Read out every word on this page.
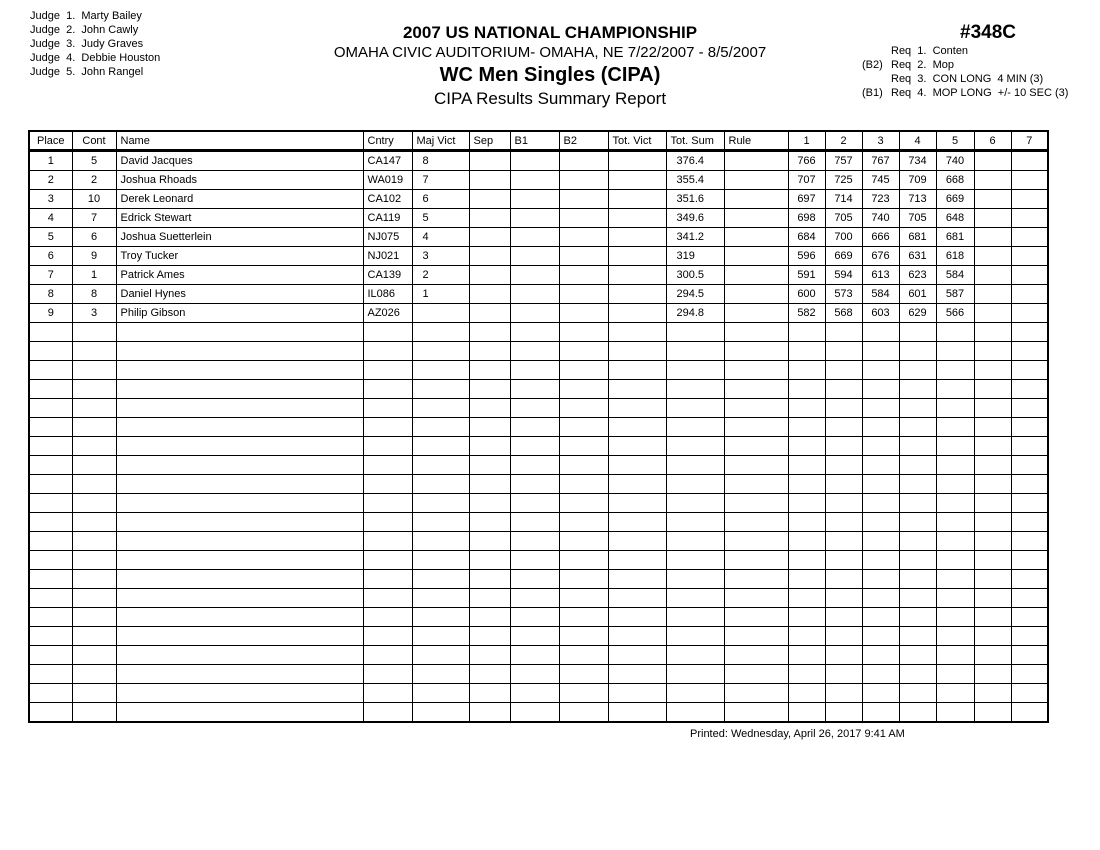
Judge  1. Marty Bailey
Judge  2. John Cawly
Judge  3. Judy Graves
Judge  4. Debbie Houston
Judge  5. John Rangel
2007 US NATIONAL CHAMPIONSHIP
OMAHA CIVIC AUDITORIUM- OMAHA, NE 7/22/2007 - 8/5/2007
WC Men Singles (CIPA)
CIPA Results Summary Report
#348C
Req  1.  Conten
(B2) Req  2.  Mop
Req  3.  CON LONG  4 MIN (3)
(B1) Req  4.  MOP LONG  +/- 10 SEC (3)
Place	Cont	Name	Cntry	Maj Vict	Sep	B1	B2	Tot. Vict	Tot. Sum	Rule	1	2	3	4	5	6	7
1	5	David Jacques	CA147	8					376.4		766	757	767	734	740		
2	2	Joshua Rhoads	WA019	7					355.4		707	725	745	709	668		
3	10	Derek Leonard	CA102	6					351.6		697	714	723	713	669		
4	7	Edrick Stewart	CA119	5					349.6		698	705	740	705	648		
5	6	Joshua Suetterlein	NJ075	4					341.2		684	700	666	681	681		
6	9	Troy Tucker	NJ021	3					319		596	669	676	631	618		
7	1	Patrick Ames	CA139	2					300.5		591	594	613	623	584		
8	8	Daniel Hynes	IL086	1					294.5		600	573	584	601	587		
9	3	Philip Gibson	AZ026						294.8		582	568	603	629	566		

Printed: Wednesday, April 26, 2017 9:41 AM
